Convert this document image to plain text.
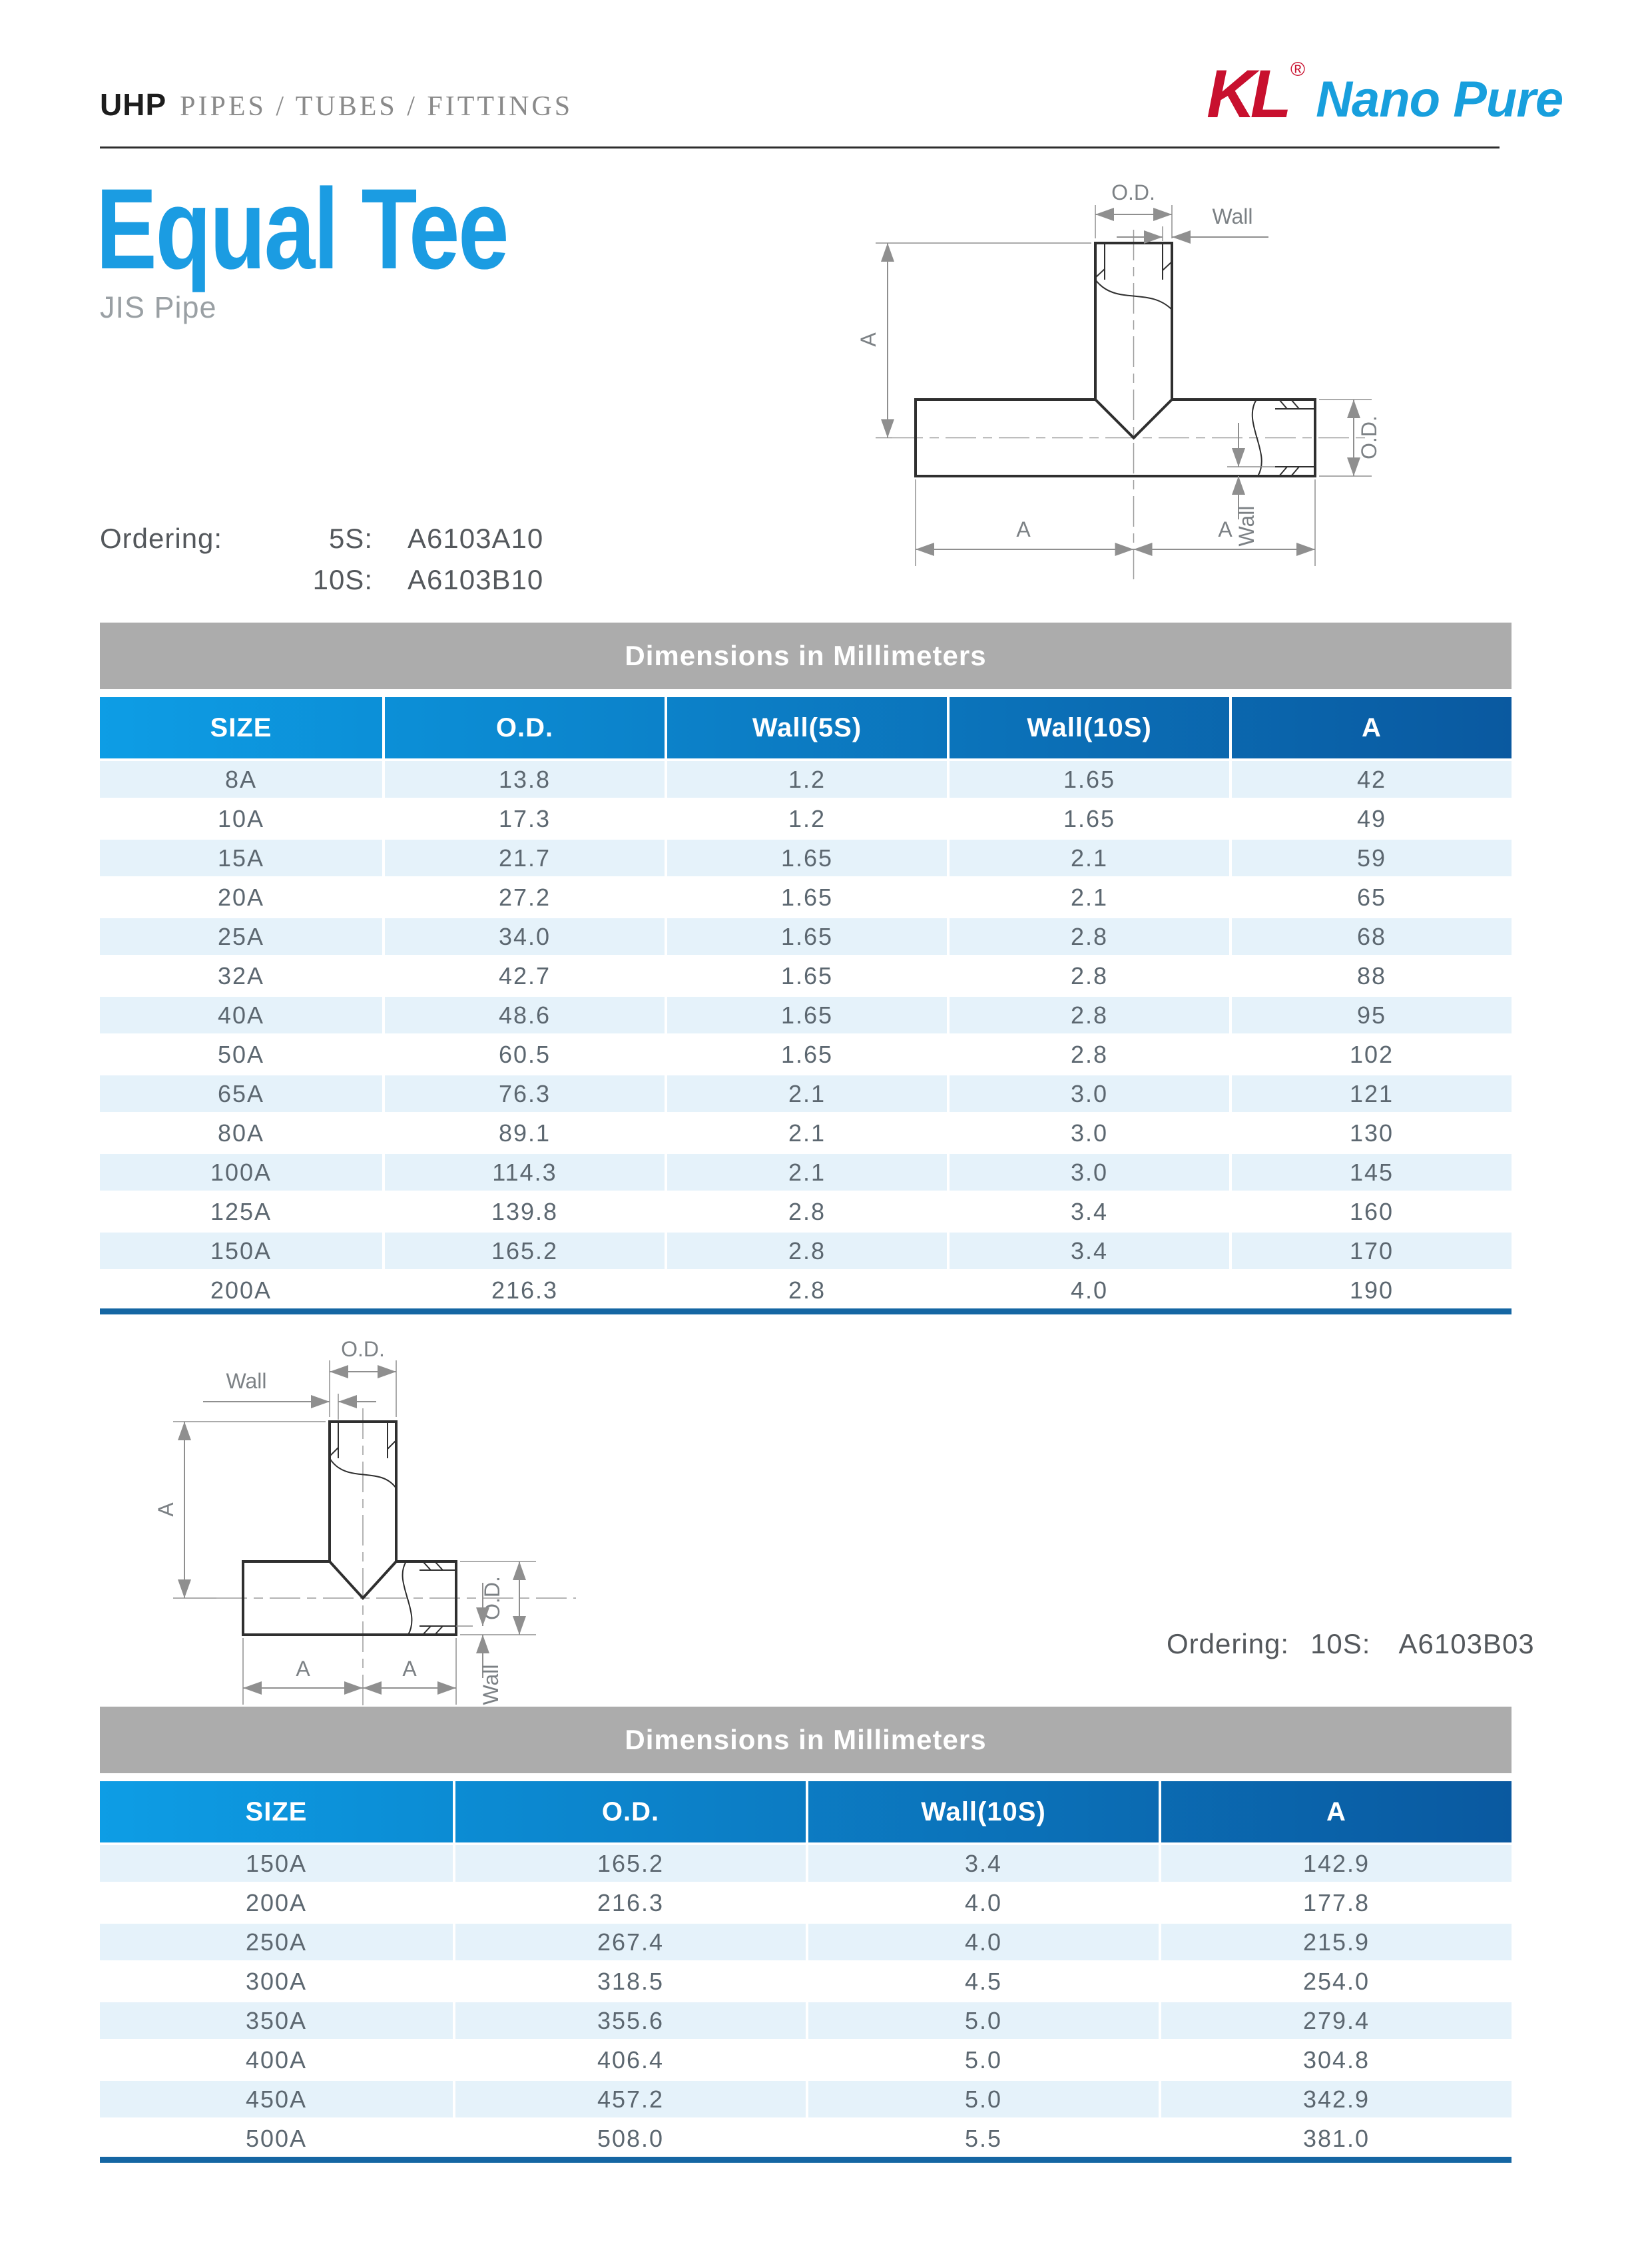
UHP PIPES / TUBES / FITTINGS	KL ®
Nano Pure
Equal Tee
JIS Pipe
Ordering:	5S: A6103A10
10S: A6103B10
O.D.
Wall
A
A	A
O.D.
Wall
Dimensions in Millimeters
SIZE	O.D.	Wall(5S)	Wall(10S)	A
8A	13.8	1.2	1.65	42
10A	17.3	1.2	1.65	49
15A	21.7	1.65	2.1	59
20A	27.2	1.65	2.1	65
25A	34.0	1.65	2.8	68
32A	42.7	1.65	2.8	88
40A	48.6	1.65	2.8	95
50A	60.5	1.65	2.8	102
65A	76.3	2.1	3.0	121
80A	89.1	2.1	3.0	130
100A	114.3	2.1	3.0	145
125A	139.8	2.8	3.4	160
150A	165.2	2.8	3.4	170
200A	216.3	2.8	4.0	190
O.D.
Wall
A
A	A
O.D.
Wall
Ordering: 10S: A6103B03
Dimensions in Millimeters
SIZE	O.D.	Wall(10S)	A
150A	165.2	3.4	142.9
200A	216.3	4.0	177.8
250A	267.4	4.0	215.9
300A	318.5	4.5	254.0
350A	355.6	5.0	279.4
400A	406.4	5.0	304.8
450A	457.2	5.0	342.9
500A	508.0	5.5	381.0
